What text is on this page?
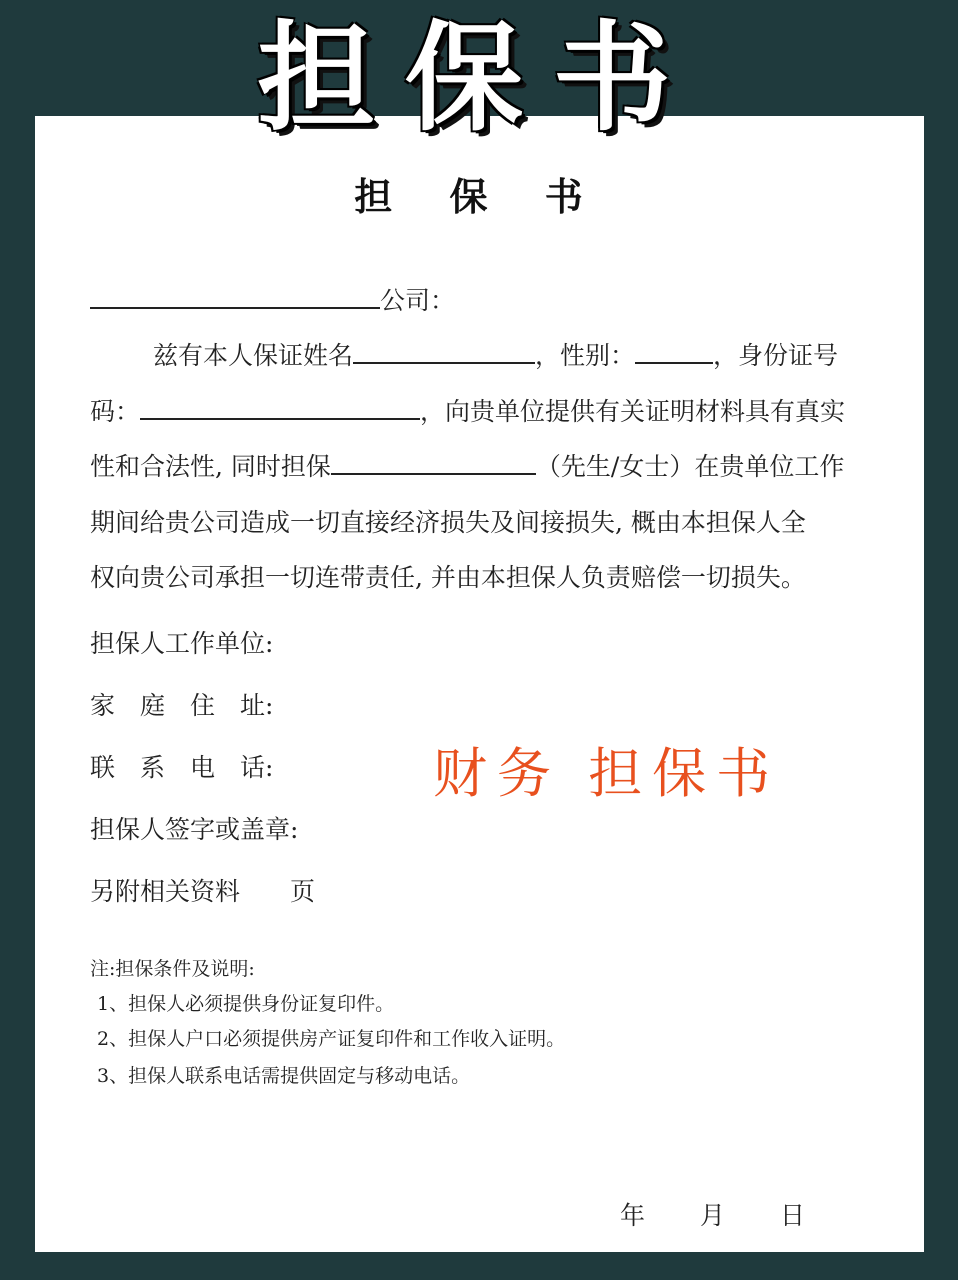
担保书
担 保 书
公司：
兹有本人保证姓名	，性别：	，身份证号
码：	，向贵单位提供有关证明材料具有真实
性和合法性, 同时担保	（先生/女士）在贵单位工作
期间给贵公司造成一切直接经济损失及间接损失, 概由本担保人全
权向贵公司承担一切连带责任, 并由本担保人负责赔偿一切损失。
担保人工作单位:
家　庭　住　址:
联　系　电　话:
担保人签字或盖章:
另附相关资料　　页
财务 担保书
注:担保条件及说明:
1、担保人必须提供身份证复印件。
2、担保人户口必须提供房产证复印件和工作收入证明。
3、担保人联系电话需提供固定与移动电话。
年 月 日
